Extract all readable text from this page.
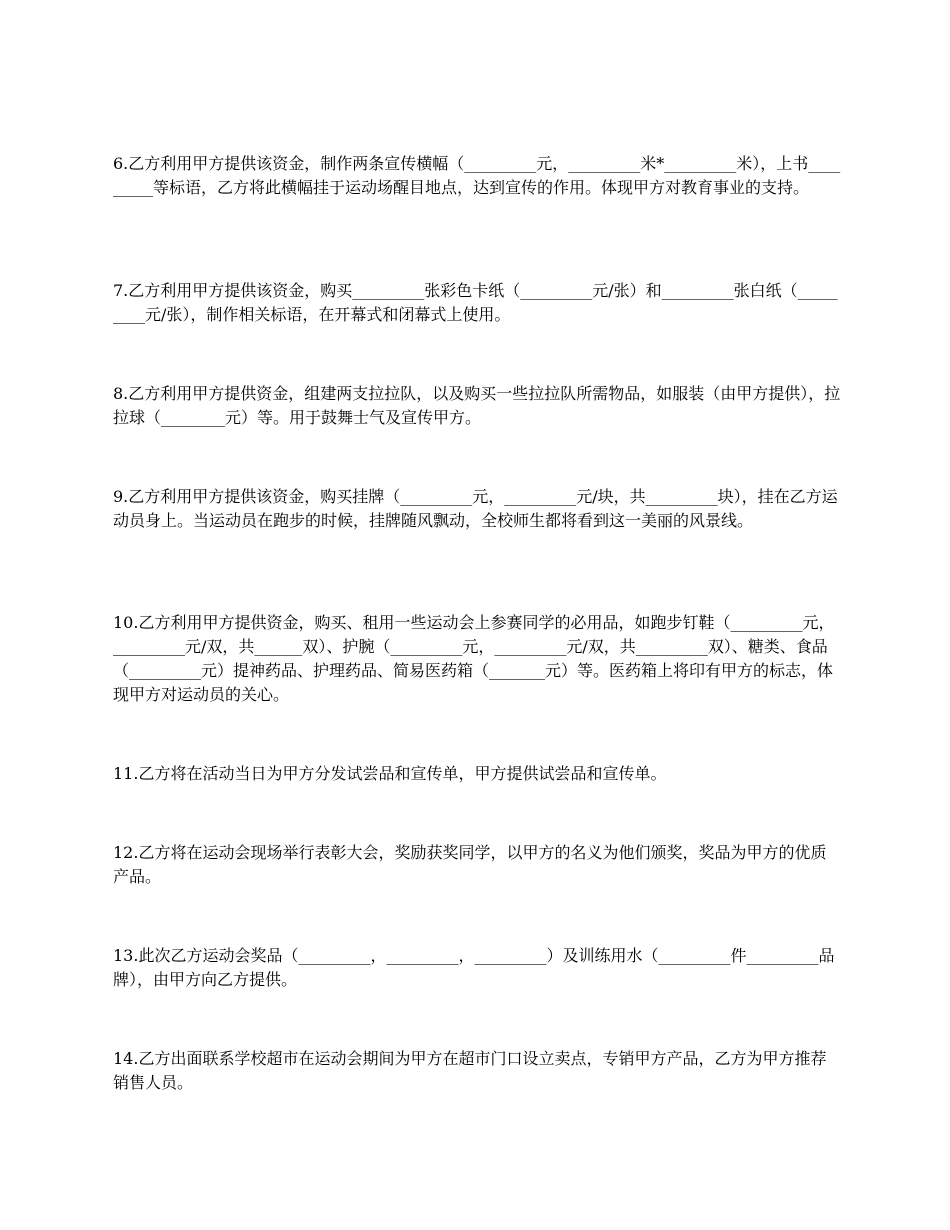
6.乙方利用甲方提供该资金，制作两条宣传横幅（_________元，_________米*_________米），上书_________等标语，乙方将此横幅挂于运动场醒目地点，达到宣传的作用。体现甲方对教育事业的支持。

7.乙方利用甲方提供该资金，购买_________张彩色卡纸（_________元/张）和_________张白纸（_________元/张），制作相关标语，在开幕式和闭幕式上使用。

8.乙方利用甲方提供资金，组建两支拉拉队，以及购买一些拉拉队所需物品，如服装（由甲方提供），拉拉球（________元）等。用于鼓舞士气及宣传甲方。

9.乙方利用甲方提供该资金，购买挂牌（_________元，_________元/块，共_________块），挂在乙方运动员身上。当运动员在跑步的时候，挂牌随风飘动，全校师生都将看到这一美丽的风景线。

10.乙方利用甲方提供资金，购买、租用一些运动会上参赛同学的必用品，如跑步钉鞋（_________元，_________元/双，共______双）、护腕（_________元，_________元/双，共_________双）、糖类、食品（_________元）提神药品、护理药品、简易医药箱（_______元）等。医药箱上将印有甲方的标志，体现甲方对运动员的关心。

11.乙方将在活动当日为甲方分发试尝品和宣传单，甲方提供试尝品和宣传单。

12.乙方将在运动会现场举行表彰大会，奖励获奖同学，以甲方的名义为他们颁奖，奖品为甲方的优质产品。

13.此次乙方运动会奖品（_________，_________，_________）及训练用水（_________件_________品牌），由甲方向乙方提供。

14.乙方出面联系学校超市在运动会期间为甲方在超市门口设立卖点，专销甲方产品，乙方为甲方推荐销售人员。
